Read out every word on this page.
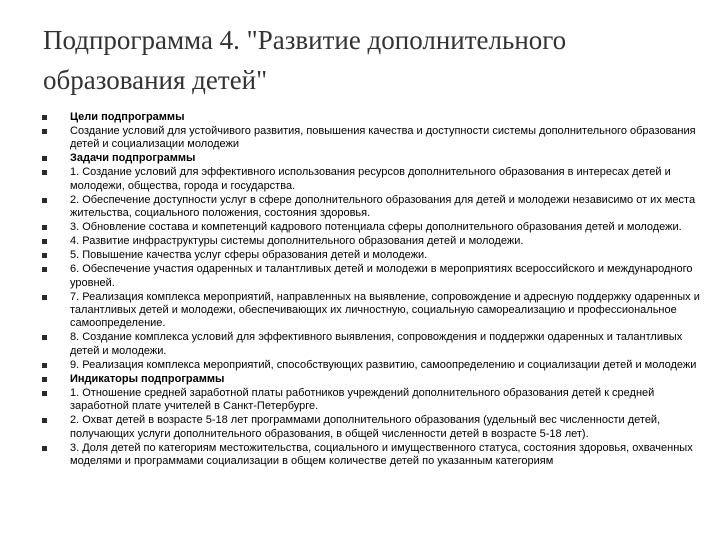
Подпрограмма 4. "Развитие дополнительного образования детей"
Цели подпрограммы
Создание условий для устойчивого развития, повышения качества и доступности системы дополнительного образования детей и социализации молодежи
Задачи подпрограммы
1. Создание условий для эффективного использования ресурсов дополнительного образования в интересах детей и молодежи, общества, города и государства.
2. Обеспечение доступности услуг в сфере дополнительного образования для детей и молодежи независимо от их места жительства, социального положения, состояния здоровья.
3. Обновление состава и компетенций кадрового потенциала сферы дополнительного образования детей и молодежи.
4. Развитие инфраструктуры системы дополнительного образования детей и молодежи.
5. Повышение качества услуг сферы образования детей и молодежи.
6. Обеспечение участия одаренных и талантливых детей и молодежи в мероприятиях всероссийского и международного уровней.
7. Реализация комплекса мероприятий, направленных на выявление, сопровождение и адресную поддержку одаренных и талантливых детей и молодежи, обеспечивающих их личностную, социальную самореализацию и профессиональное самоопределение.
8. Создание комплекса условий для эффективного выявления, сопровождения и поддержки одаренных и талантливых детей и молодежи.
9. Реализация комплекса мероприятий, способствующих развитию, самоопределению и социализации детей и молодежи
Индикаторы подпрограммы
1. Отношение средней заработной платы работников учреждений дополнительного образования детей к средней заработной плате учителей в Санкт-Петербурге.
2. Охват детей в возрасте 5-18 лет программами дополнительного образования (удельный вес численности детей, получающих услуги дополнительного образования, в общей численности детей в возрасте 5-18 лет).
3. Доля детей по категориям местожительства, социального и имущественного статуса, состояния здоровья, охваченных моделями и программами социализации в общем количестве детей по указанным категориям
